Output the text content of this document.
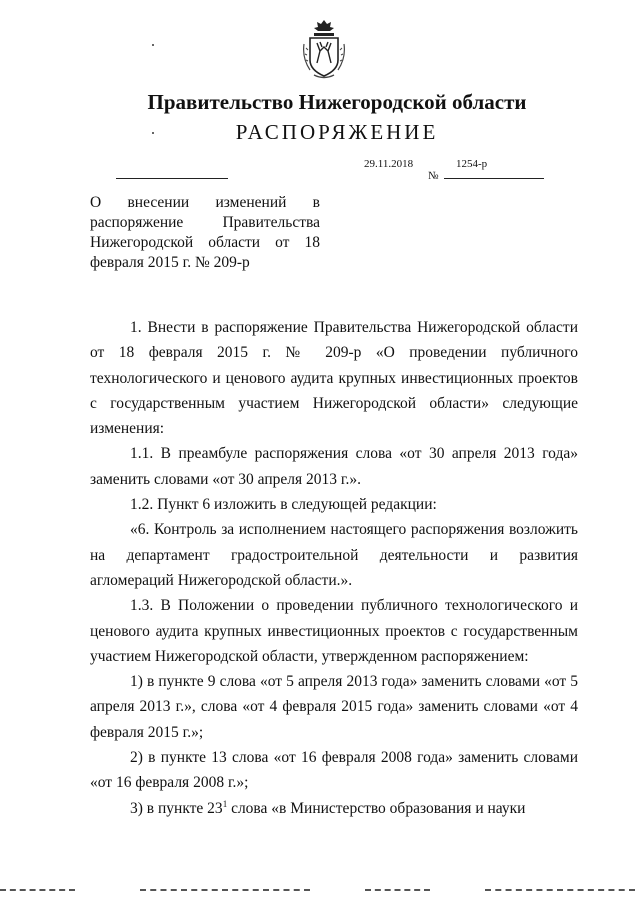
Правительство Нижегородской области
РАСПОРЯЖЕНИЕ
29.11.2018
№
1254-р
О внесении изменений в распоряжение Правительства Нижегородской области от 18 февраля 2015 г. № 209-р

1. Внести в распоряжение Правительства Нижегородской области от 18 февраля 2015 г. № 209-р «О проведении публичного технологического и ценового аудита крупных инвестиционных проектов с государственным участием Нижегородской области» следующие изменения:

1.1. В преамбуле распоряжения слова «от 30 апреля 2013 года» заменить словами «от 30 апреля 2013 г.».

1.2. Пункт 6 изложить в следующей редакции:

«6. Контроль за исполнением настоящего распоряжения возложить на департамент градостроительной деятельности и развития агломераций Нижегородской области.».

1.3. В Положении о проведении публичного технологического и ценового аудита крупных инвестиционных проектов с государственным участием Нижегородской области, утвержденном распоряжением:

1) в пункте 9 слова «от 5 апреля 2013 года» заменить словами «от 5 апреля 2013 г.», слова «от 4 февраля 2015 года» заменить словами «от 4 февраля 2015 г.»;

2) в пункте 13 слова «от 16 февраля 2008 года» заменить словами «от 16 февраля 2008 г.»;

3) в пункте $23^1$ слова «в Министерство образования и науки
